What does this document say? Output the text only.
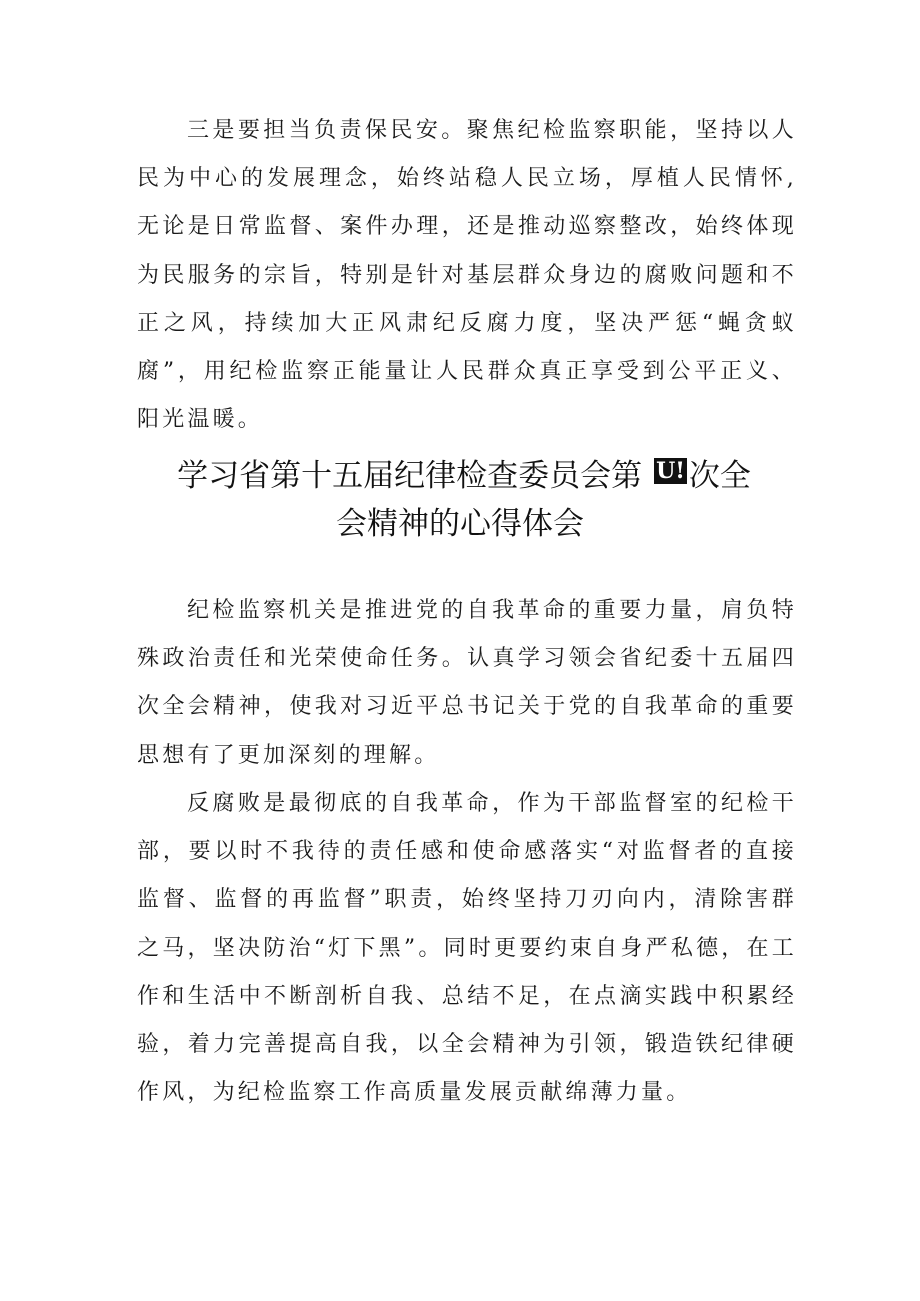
三是要担当负责保民安。聚焦纪检监察职能，坚持以人民为中心的发展理念，始终站稳人民立场，厚植人民情怀,无论是日常监督、案件办理，还是推动巡察整改，始终体现为民服务的宗旨，特别是针对基层群众身边的腐败问题和不正之风，持续加大正风肃纪反腐力度，坚决严惩“蝇贪蚁腐”，用纪检监察正能量让人民群众真正享受到公平正义、阳光温暖。

学习省第十五届纪律检查委员会第 U! 次全
会精神的心得体会

纪检监察机关是推进党的自我革命的重要力量，肩负特殊政治责任和光荣使命任务。认真学习领会省纪委十五届四次全会精神，使我对习近平总书记关于党的自我革命的重要思想有了更加深刻的理解。

反腐败是最彻底的自我革命，作为干部监督室的纪检干部，要以时不我待的责任感和使命感落实“对监督者的直接监督、监督的再监督”职责，始终坚持刀刃向内，清除害群之马，坚决防治“灯下黑”。同时更要约束自身严私德，在工作和生活中不断剖析自我、总结不足，在点滴实践中积累经验，着力完善提高自我，以全会精神为引领，锻造铁纪律硬作风，为纪检监察工作高质量发展贡献绵薄力量。
